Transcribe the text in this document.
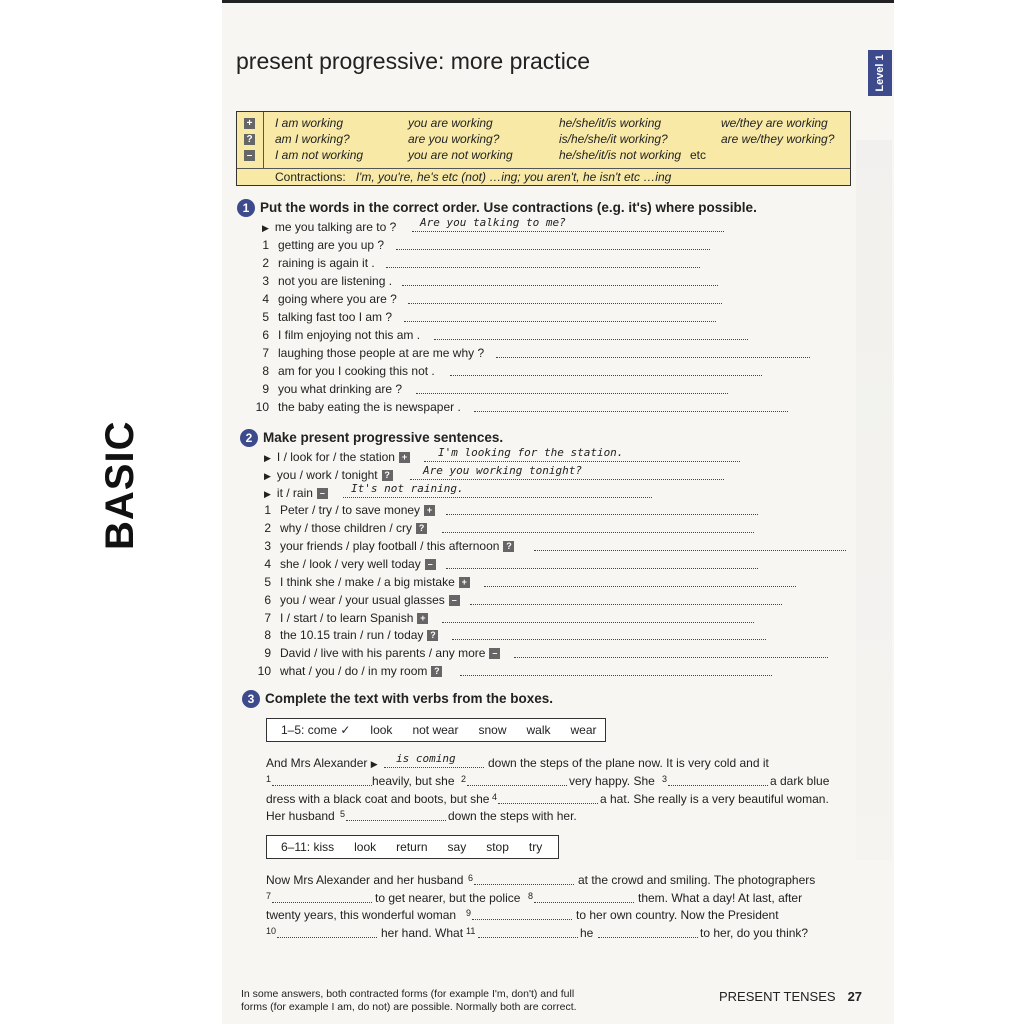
BASIC
present progressive: more practice	Level 1
+
?
–
I am working	you are working	he/she/it/is working	we/they are working
am I working?	are you working?	is/he/she/it working?	are we/they working?
I am not working	you are not working	he/she/it/is not working etc
Contractions: I'm, you're, he's etc (not) …ing; you aren't, he isn't etc …ing
1 Put the words in the correct order. Use contractions (e.g. it's) where possible.
▶ me you talking are to ? Are you talking to me?
1 getting are you up ?
2 raining is again it .
3 not you are listening .
4 going where you are ?
5 talking fast too I am ?
6 I film enjoying not this am .
7 laughing those people at are me why ?
8 am for you I cooking this not .
9 you what drinking are ?
10 the baby eating the is newspaper .
2 Make present progressive sentences.
▶ I / look for / the station +	I'm looking for the station.
▶ you / work / tonight ?	Are you working tonight?
▶ it / rain – It's not raining.
1 Peter / try / to save money +
2 why / those children / cry ?
3 your friends / play football / this afternoon ?
4 she / look / very well today –
5 I think she / make / a big mistake +
6 you / wear / your usual glasses –
7 I / start / to learn Spanish +
8 the 10.15 train / run / today ?
9 David / live with his parents / any more –
10 what / you / do / in my room ?
3 Complete the text with verbs from the boxes.
1–5: come ✓ look not wear snow walk wear
And Mrs Alexander ▶	is coming	down the steps of the plane now. It is very cold and it
1	heavily, but she 2	very happy. She 3	a dark blue
dress with a black coat and boots, but she 4	a hat. She really is a very beautiful woman.
Her husband 5	down the steps with her.
6–11: kiss look return say stop try
Now Mrs Alexander and her husband 6	at the crowd and smiling. The photographers
7	to get nearer, but the police 8	them. What a day! At last, after
twenty years, this wonderful woman 9	to her own country. Now the President
10	her hand. What 11	he	to her, do you think?
In some answers, both contracted forms (for example I'm, don't) and full
forms (for example I am, do not) are possible. Normally both are correct.
PRESENT TENSES 27
